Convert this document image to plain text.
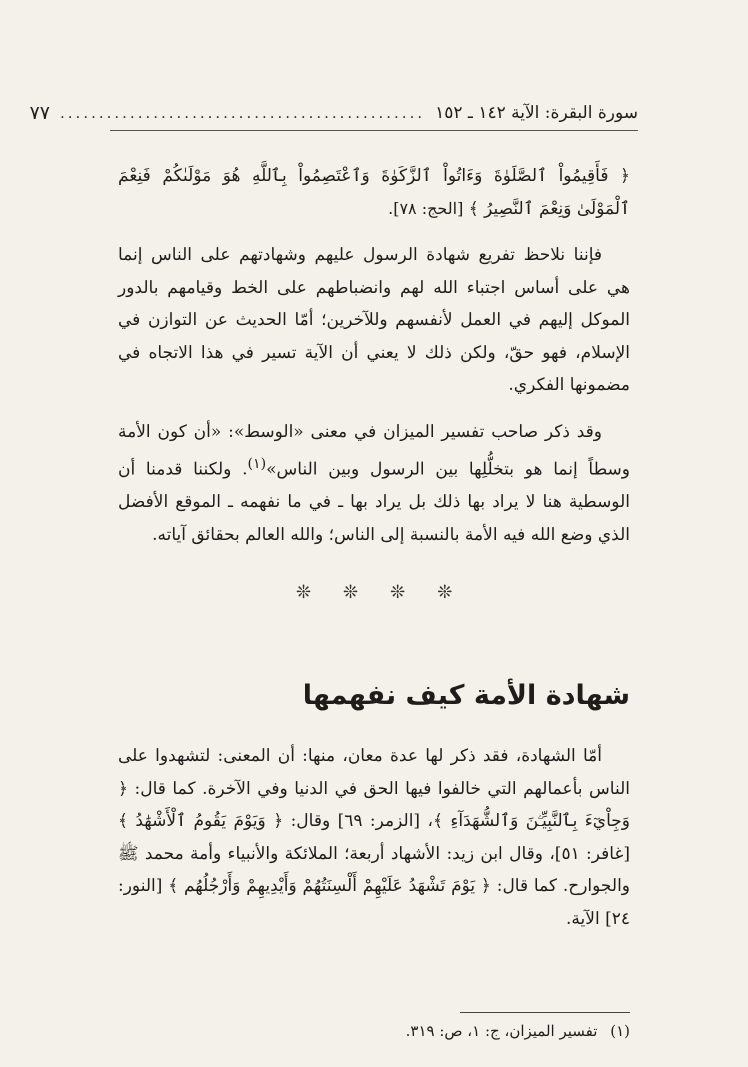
سورة البقرة: الآية ١٤٢ ـ ١٥٢
...............................................
٧٧

﴿ فَأَقِيمُواْ ٱلصَّلَوٰةَ وَءَاتُواْ ٱلزَّكَوٰةَ وَٱعْتَصِمُواْ بِٱللَّهِ هُوَ مَوْلَىٰكُمْ فَنِعْمَ ٱلْمَوْلَىٰ وَنِعْمَ ٱلنَّصِيرُ ﴾ [الحج: ٧٨].

فإننا نلاحظ تفريع شهادة الرسول عليهم وشهادتهم على الناس إنما هي على أساس اجتباء الله لهم وانضباطهم على الخط وقيامهم بالدور الموكل إليهم في العمل لأنفسهم وللآخرين؛ أمّا الحديث عن التوازن في الإسلام، فهو حقّ، ولكن ذلك لا يعني أن الآية تسير في هذا الاتجاه في مضمونها الفكري.

وقد ذكر صاحب تفسير الميزان في معنى «الوسط»: «أن كون الأمة وسطاً إنما هو بتخلُّلِها بين الرسول وبين الناس»$^{(١)}$. ولكننا قدمنا أن الوسطية هنا لا يراد بها ذلك بل يراد بها ـ في ما نفهمه ـ الموقع الأفضل الذي وضع الله فيه الأمة بالنسبة إلى الناس؛ والله العالم بحقائق آياته.

❊ ❊ ❊ ❊
شهادة الأمة كيف نفهمها

أمّا الشهادة، فقد ذكر لها عدة معان، منها: أن المعنى: لتشهدوا على الناس بأعمالهم التي خالفوا فيها الحق في الدنيا وفي الآخرة. كما قال: ﴿ وَجِاْيٓءَ بِٱلنَّبِيِّـۧنَ وَٱلشُّهَدَآءِ ﴾، [الزمر: ٦٩] وقال: ﴿ وَيَوْمَ يَقُومُ ٱلْأَشْهَٰدُ ﴾ [غافر: ٥١]، وقال ابن زيد: الأشهاد أربعة؛ الملائكة والأنبياء وأمة محمد ﷺ والجوارح. كما قال: ﴿ يَوْمَ تَشْهَدُ عَلَيْهِمْ أَلْسِنَتُهُمْ وَأَيْدِيهِمْ وَأَرْجُلُهُم ﴾ [النور: ٢٤] الآية.

(١) تفسير الميزان، ج: ١، ص: ٣١٩.
